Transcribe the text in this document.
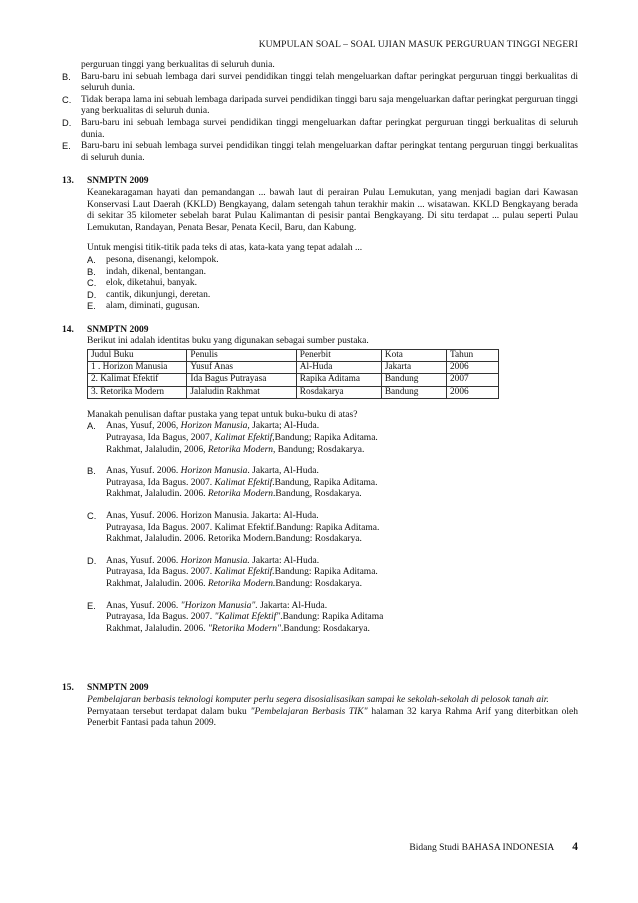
KUMPULAN SOAL – SOAL UJIAN MASUK PERGURUAN TINGGI NEGERI
perguruan tinggi yang berkualitas di seluruh dunia.
B.	Baru-baru ini sebuah lembaga dari survei pendidikan tinggi telah mengeluarkan daftar peringkat perguruan tinggi berkualitas di seluruh dunia.
C.	Tidak berapa lama ini sebuah lembaga daripada survei pendidikan tinggi baru saja mengeluarkan daftar peringkat perguruan tinggi yang berkualitas di seluruh dunia.
D.	Baru-baru ini sebuah lembaga survei pendidikan tinggi mengeluarkan daftar peringkat perguruan tinggi berkualitas di seluruh dunia.
E.	Baru-baru ini sebuah lembaga survei pendidikan tinggi telah mengeluarkan daftar peringkat tentang perguruan tinggi berkualitas di seluruh dunia.
13.	SNMPTN 2009
Keanekaragaman hayati dan pemandangan ... bawah laut di perairan Pulau Lemukutan, yang menjadi bagian dari Kawasan Konservasi Laut Daerah (KKLD) Bengkayang, dalam setengah tahun terakhir makin ... wisatawan. KKLD Bengkayang berada di sekitar 35 kilometer sebelah barat Pulau Kalimantan di pesisir pantai Bengkayang. Di situ terdapat ... pulau seperti Pulau Lemukutan, Randayan, Penata Besar, Penata Kecil, Baru, dan Kabung.
Untuk mengisi titik-titik pada teks di atas, kata-kata yang tepat adalah ...
A.	pesona, disenangi, kelompok.
B.	indah, dikenal, bentangan.
C.	elok, diketahui, banyak.
D.	cantik, dikunjungi, deretan.
E.	alam, diminati, gugusan.
14.	SNMPTN 2009
Berikut ini adalah identitas buku yang digunakan sebagai sumber pustaka.
Judul Buku	Penulis	Penerbit	Kota	Tahun
1 . Horizon Manusia	Yusuf Anas	Al-Huda	Jakarta	2006
2. Kalimat Efektif	Ida Bagus Putrayasa	Rapika Aditama	Bandung	2007
3. Retorika Modern	Jalaludin Rakhmat	Rosdakarya	Bandung	2006
Manakah penulisan daftar pustaka yang tepat untuk buku-buku di atas?
A.	Anas, Yusuf, 2006, Horizon Manusia, Jakarta; Al-Huda.
Putrayasa, Ida Bagus, 2007, Kalimat Efektif,Bandung; Rapika Aditama.
Rakhmat, Jalaludin, 2006, Retorika Modern, Bandung; Rosdakarya.
B.	Anas, Yusuf. 2006. Horizon Manusia. Jakarta, Al-Huda.
Putrayasa, Ida Bagus. 2007. Kalimat Efektif.Bandung, Rapika Aditama.
Rakhmat, Jalaludin. 2006. Retorika Modern.Bandung, Rosdakarya.
C.	Anas, Yusuf. 2006. Horizon Manusia. Jakarta: Al-Huda.
Putrayasa, Ida Bagus. 2007. Kalimat Efektif.Bandung: Rapika Aditama.
Rakhmat, Jalaludin. 2006. Retorika Modern.Bandung: Rosdakarya.
D.	Anas, Yusuf. 2006. Horizon Manusia. Jakarta: Al-Huda.
Putrayasa, Ida Bagus. 2007. Kalimat Efektif.Bandung: Rapika Aditama.
Rakhmat, Jalaludin. 2006. Retorika Modern.Bandung: Rosdakarya.
E.	Anas, Yusuf. 2006. "Horizon Manusia". Jakarta: Al-Huda.
Putrayasa, Ida Bagus. 2007. "Kalimat Efektif".Bandung: Rapika Aditama
Rakhmat, Jalaludin. 2006. "Retorika Modern".Bandung: Rosdakarya.
15.	SNMPTN 2009
Pembelajaran berbasis teknologi komputer perlu segera disosialisasikan sampai ke sekolah-sekolah di pelosok tanah air.
Pernyataan tersebut terdapat dalam buku "Pembelajaran Berbasis TIK" halaman 32 karya Rahma Arif yang diterbitkan oleh Penerbit Fantasi pada tahun 2009.
Bidang Studi BAHASA INDONESIA 4
